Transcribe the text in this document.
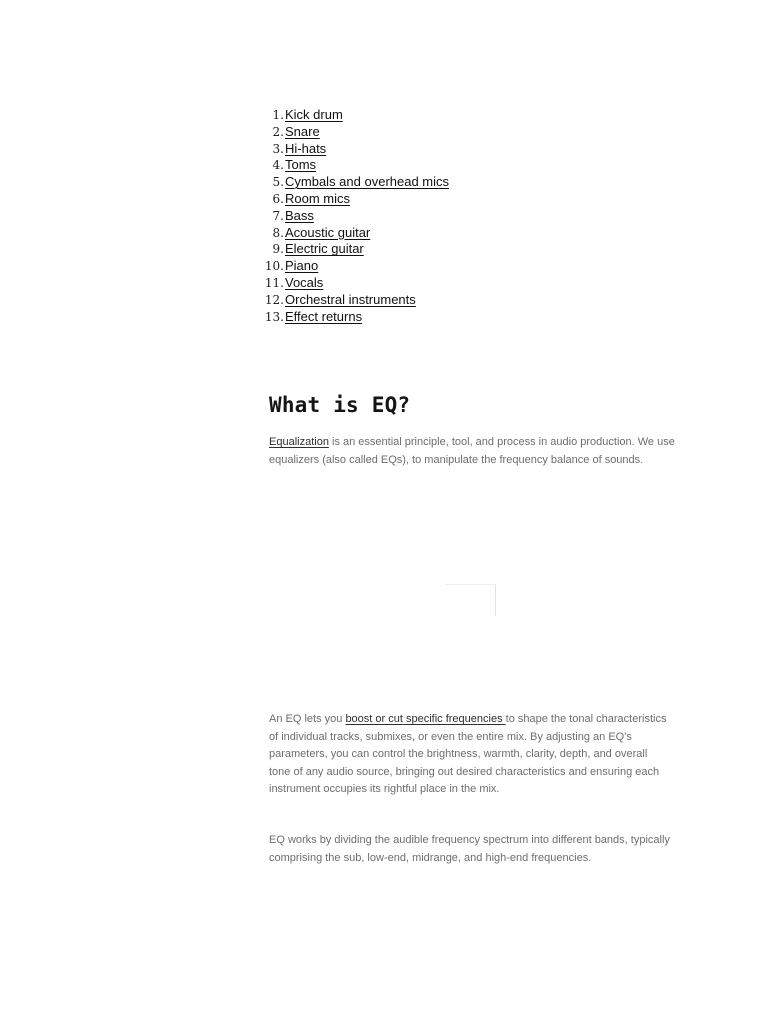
1. Kick drum
2. Snare
3. Hi-hats
4. Toms
5. Cymbals and overhead mics
6. Room mics
7. Bass
8. Acoustic guitar
9. Electric guitar
10. Piano
11. Vocals
12. Orchestral instruments
13. Effect returns
What is EQ?

Equalization is an essential principle, tool, and process in audio production. We use equalizers (also called EQs), to manipulate the frequency balance of sounds.

An EQ lets you boost or cut specific frequencies to shape the tonal characteristics of individual tracks, submixes, or even the entire mix. By adjusting an EQ's parameters, you can control the brightness, warmth, clarity, depth, and overall tone of any audio source, bringing out desired characteristics and ensuring each instrument occupies its rightful place in the mix.

EQ works by dividing the audible frequency spectrum into different bands, typically comprising the sub, low-end, midrange, and high-end frequencies.
